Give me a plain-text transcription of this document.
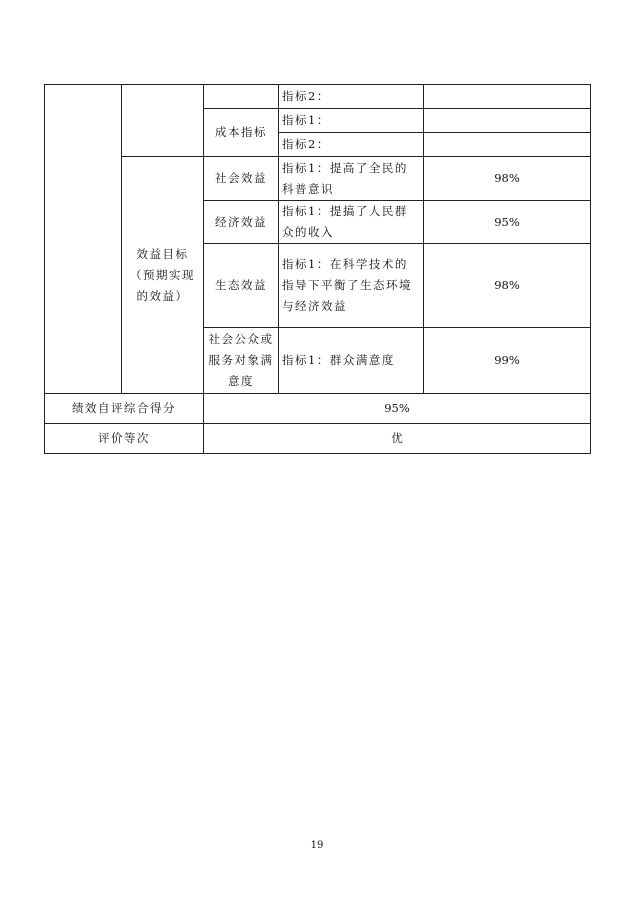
			指标2：	
		成本指标	指标1：	
			指标2：	
	效益目标（预期实现的效益）	社会效益	指标1：提高了全民的科普意识	98%
		经济效益	指标1：提搞了人民群众的收入	95%
		生态效益	指标1：在科学技术的指导下平衡了生态环境与经济效益	98%
		社会公众或服务对象满意度	指标1：群众满意度	99%
绩效自评综合得分		95%		
评价等次		优		
19
